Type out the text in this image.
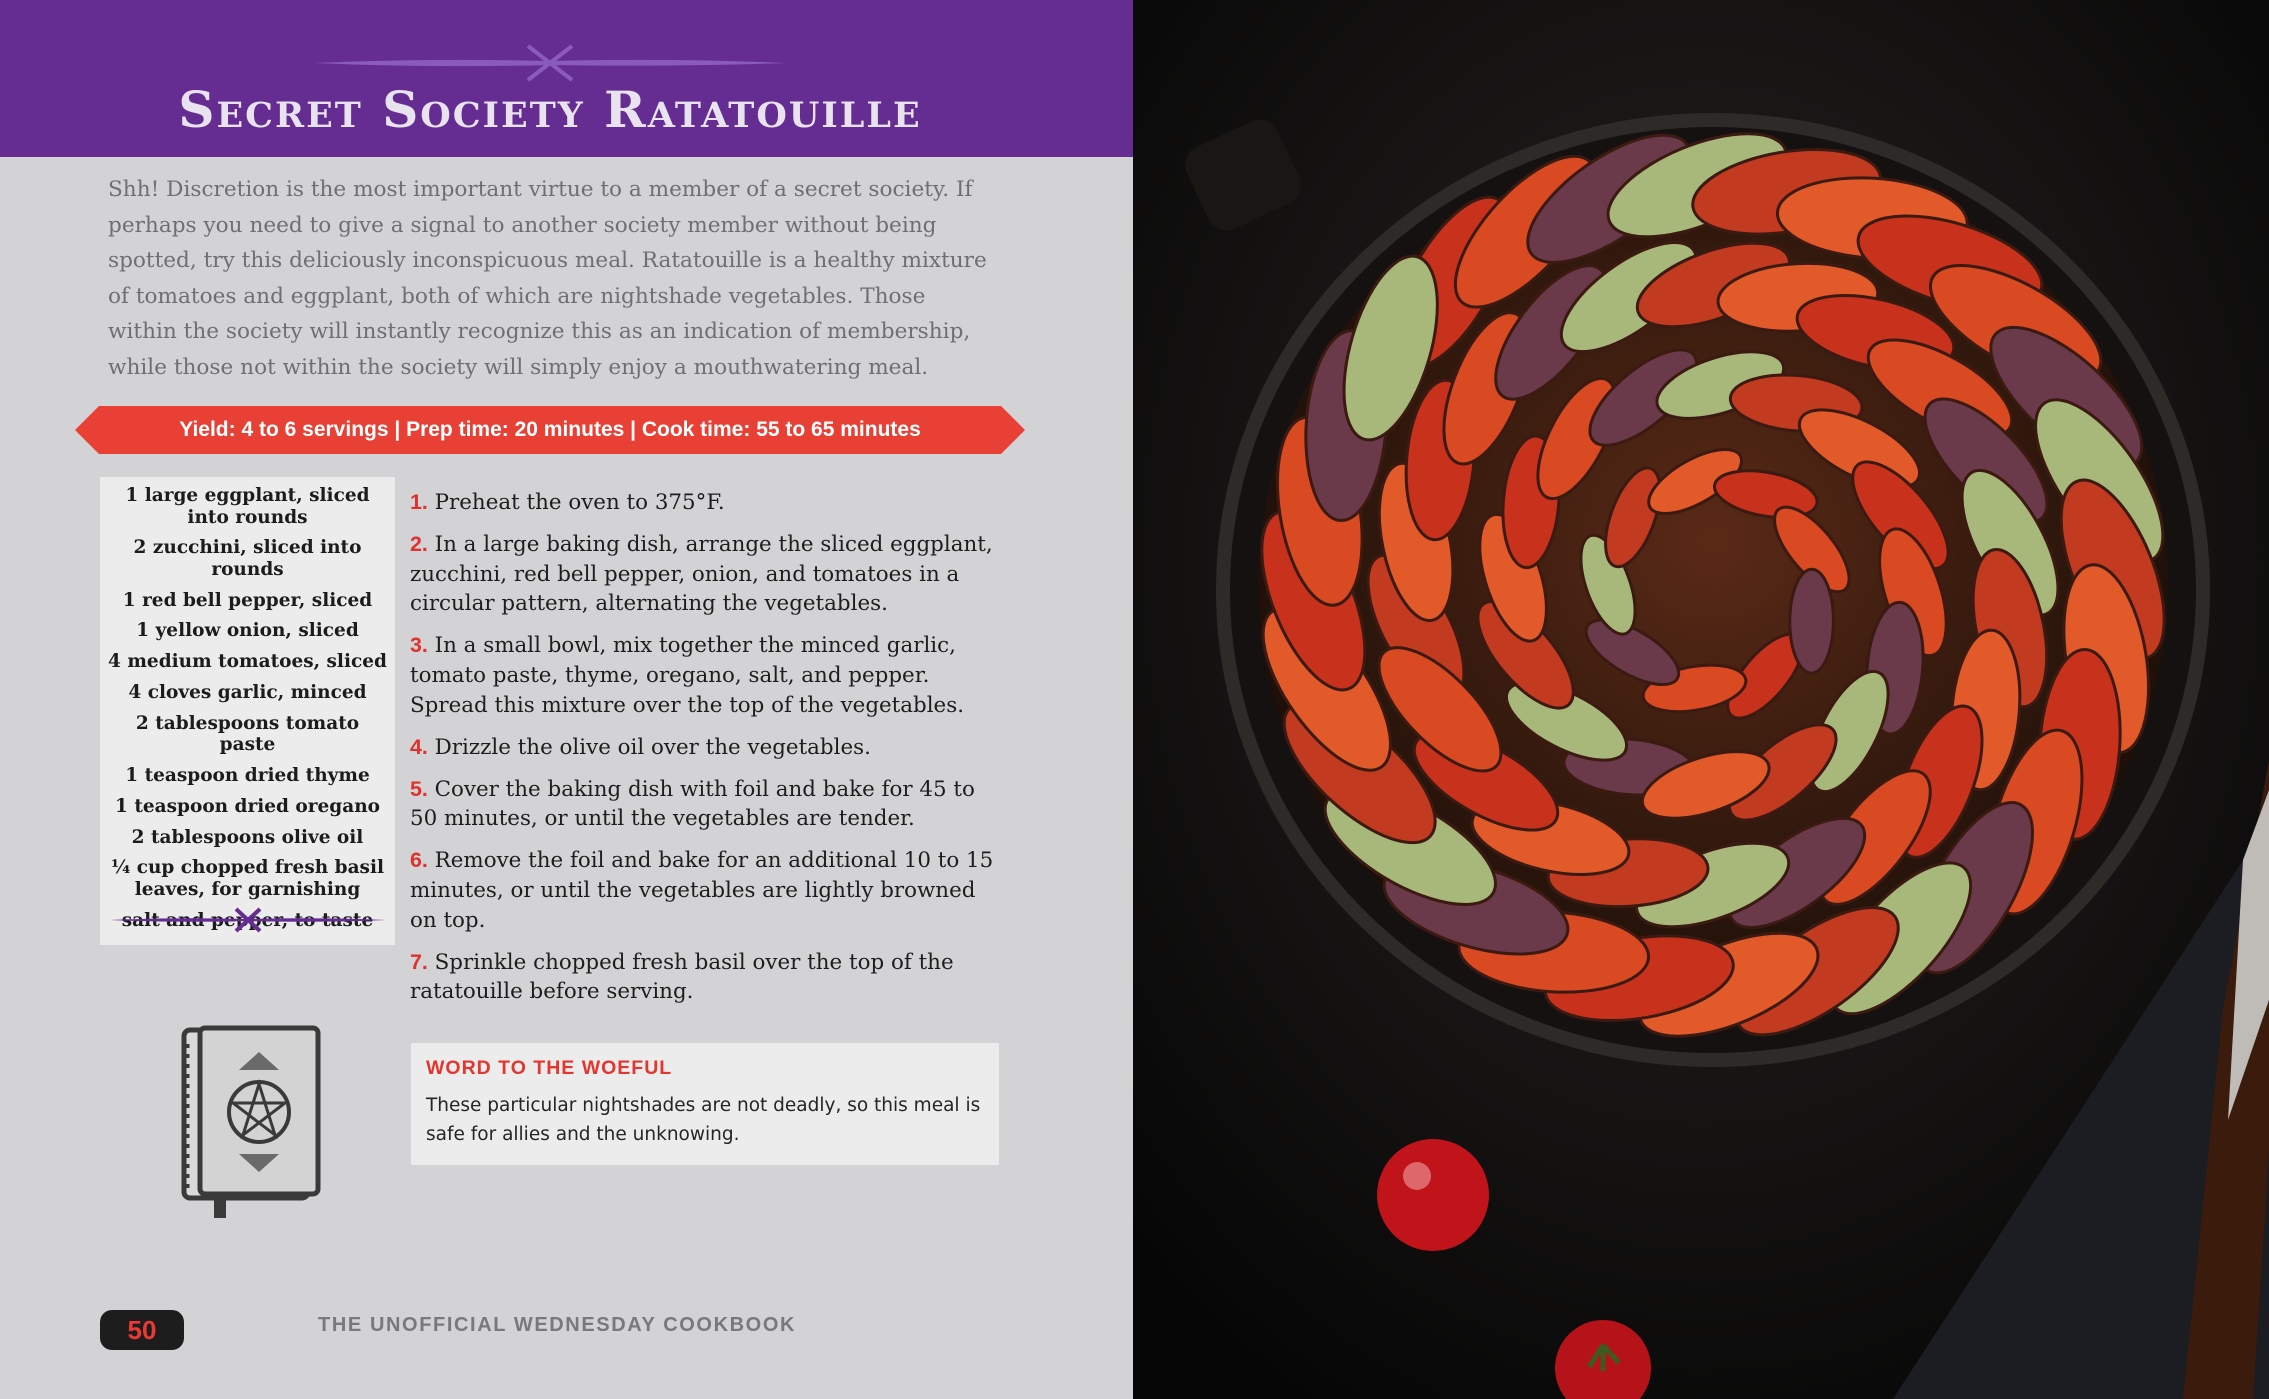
Secret Society Ratatouille

Shh! Discretion is the most important virtue to a member of a secret society. If perhaps you need to give a signal to another society member without being spotted, try this deliciously inconspicuous meal. Ratatouille is a healthy mixture of tomatoes and eggplant, both of which are nightshade vegetables. Those within the society will instantly recognize this as an indication of membership, while those not within the society will simply enjoy a mouthwatering meal.

Yield: 4 to 6 servings | Prep time: 20 minutes | Cook time: 55 to 65 minutes
1 large eggplant, sliced into rounds
2 zucchini, sliced into rounds
1 red bell pepper, sliced
1 yellow onion, sliced
4 medium tomatoes, sliced
4 cloves garlic, minced
2 tablespoons tomato paste
1 teaspoon dried thyme
1 teaspoon dried oregano
2 tablespoons olive oil
¼ cup chopped fresh basil leaves, for garnishing
salt and to taste
1. Preheat the oven to 375°F.
2. In a large baking dish, arrange the sliced eggplant, zucchini, red bell pepper, onion, and tomatoes in a circular pattern, alternating the vegetables.
3. In a small bowl, mix together the minced garlic, tomato paste, thyme, oregano, salt, and pepper. Spread this mixture over the top of the vegetables.
4. Drizzle the olive oil over the vegetables.
5. Cover the baking dish with foil and bake for 45 to 50 minutes, or until the vegetables are tender.
6. Remove the foil and bake for an additional 10 to 15 minutes, or until the vegetables are lightly browned on top.
7. Sprinkle chopped fresh basil over the top of the ratatouille before serving.
WORD TO THE WOEFUL

These particular nightshades are not deadly, so this meal is safe for allies and the unknowing.

50	THE UNOFFICIAL WEDNESDAY COOKBOOK
